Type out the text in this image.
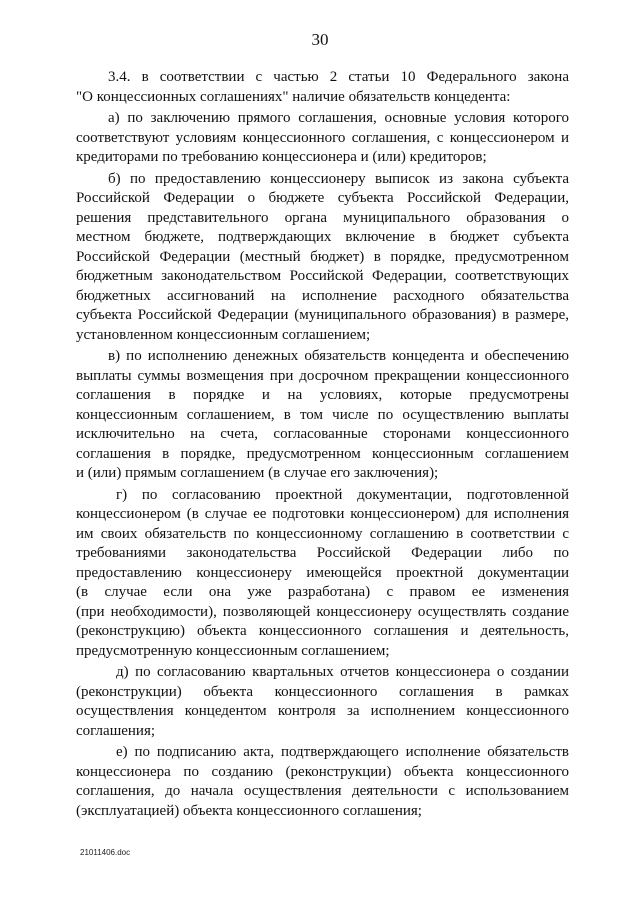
30
3.4. в соответствии с частью 2 статьи 10 Федерального закона
"О концессионных соглашениях" наличие обязательств концедента:
а) по заключению прямого соглашения, основные условия которого
соответствуют условиям концессионного соглашения, с концессионером и
кредиторами по требованию концессионера и (или) кредиторов;
б) по предоставлению концессионеру выписок из закона субъекта
Российской Федерации о бюджете субъекта Российской Федерации,
решения представительного органа муниципального образования о
местном бюджете, подтверждающих включение в бюджет субъекта
Российской Федерации (местный бюджет) в порядке, предусмотренном
бюджетным законодательством Российской Федерации, соответствующих
бюджетных ассигнований на исполнение расходного обязательства
субъекта Российской Федерации (муниципального образования) в размере,
установленном концессионным соглашением;
в) по исполнению денежных обязательств концедента и обеспечению
выплаты суммы возмещения при досрочном прекращении концессионного
соглашения в порядке и на условиях, которые предусмотрены
концессионным соглашением, в том числе по осуществлению выплаты
исключительно на счета, согласованные сторонами концессионного
соглашения в порядке, предусмотренном концессионным соглашением
и (или) прямым соглашением (в случае его заключения);
г) по согласованию проектной документации, подготовленной
концессионером (в случае ее подготовки концессионером) для исполнения
им своих обязательств по концессионному соглашению в соответствии с
требованиями законодательства Российской Федерации либо по
предоставлению концессионеру имеющейся проектной документации
(в случае если она уже разработана) с правом ее изменения
(при необходимости), позволяющей концессионеру осуществлять создание
(реконструкцию) объекта концессионного соглашения и деятельность,
предусмотренную концессионным соглашением;
д) по согласованию квартальных отчетов концессионера о создании
(реконструкции) объекта концессионного соглашения в рамках
осуществления концедентом контроля за исполнением концессионного
соглашения;
е) по подписанию акта, подтверждающего исполнение обязательств
концессионера по созданию (реконструкции) объекта концессионного
соглашения, до начала осуществления деятельности с использованием
(эксплуатацией) объекта концессионного соглашения;
21011406.doc
